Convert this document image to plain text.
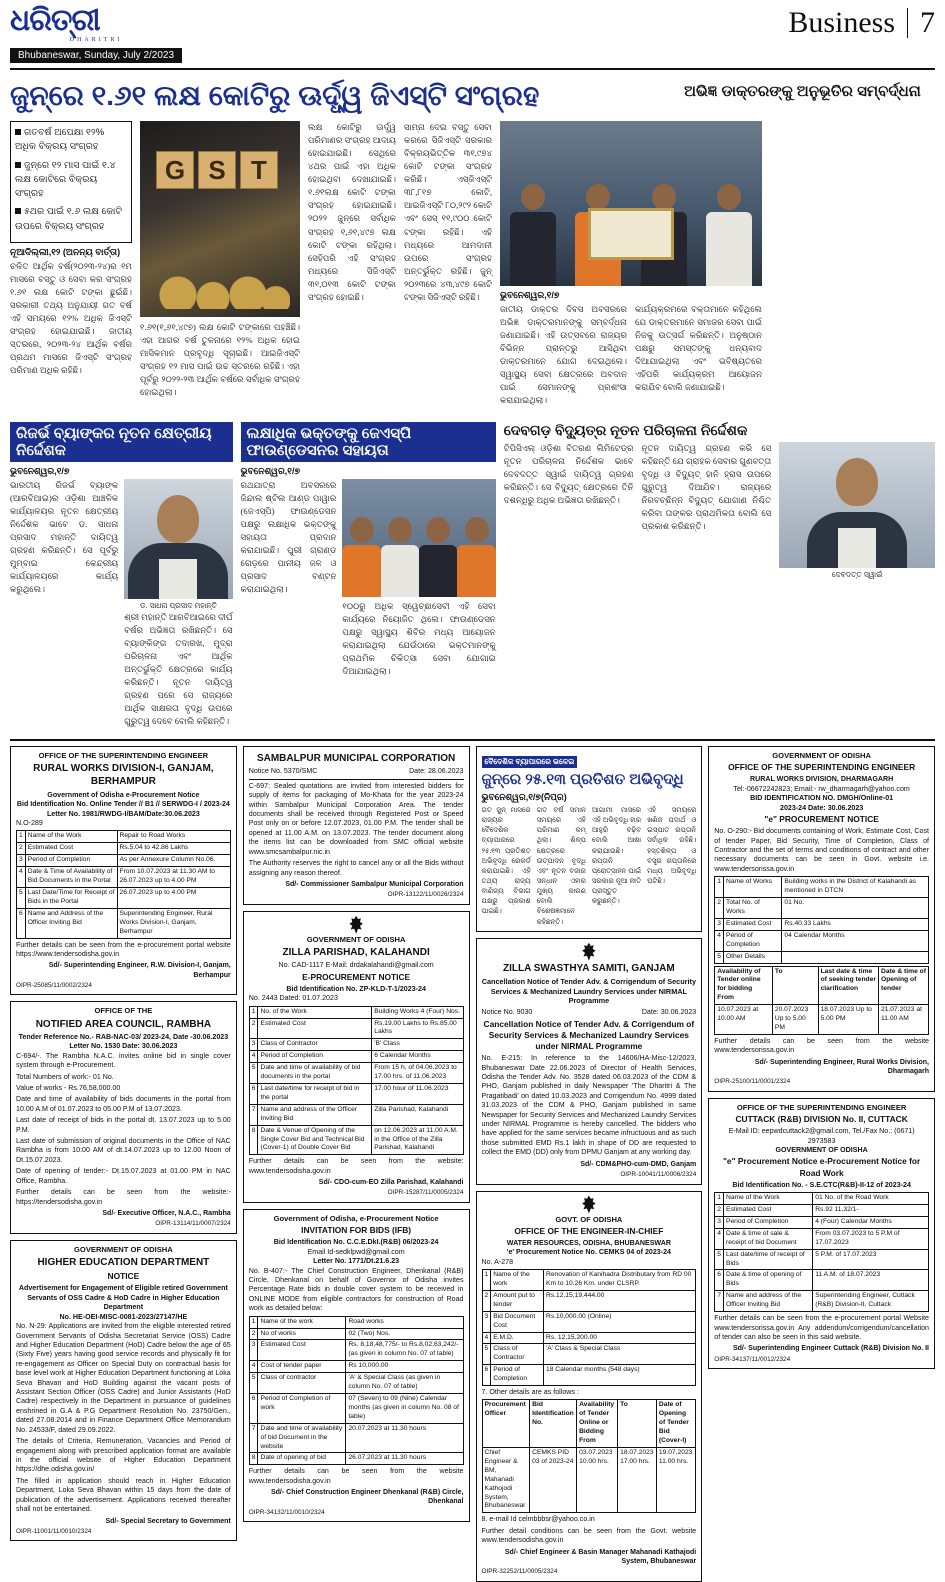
ଧରିତ୍ରୀ
DHARITRI
Bhubaneswar, Sunday, July 2/2023
Business 7
ଜୁନ୍‌ରେ ୧.୬୧ ଲକ୍ଷ କୋଟିରୁ ଊର୍ଦ୍ଧ୍ୱ ଜିଏସ୍‌ଟି ସଂଗ୍ରହ	ଅଭିଜ୍ଞ ଡାକ୍ତରଙ୍କୁ ଅନୁଭୂତିର ସମ୍ବର୍ଦ୍ଧନା
ଗତବର୍ଷ ଅପେକ୍ଷା ୧୨% ଅଧିକ ବିକ୍ରୟ ସଂଗ୍ରହ
ଜୁନ୍‌ରେ ୧୨ ମାସ ପାଇଁ ୧.୪ ଲକ୍ଷ କୋଟିରେ ବିକ୍ରୟ ସଂଗ୍ରହ
୫ଥର ପାଇଁ ୧.୬ ଲକ୍ଷ କୋଟି ଉପରେ ବିକ୍ରୟ ସଂଗ୍ରହ
ନୂଆଦିଲ୍ଲୀ,୧୨ (ଅନନ୍ୟ ବାର୍ତ୍ତା)

ଚଳିତ ଆର୍ଥିକ ବର୍ଷ(୨୦୨୩-୨୪)ର ୧ମ ମାସରେ ବସ୍ତୁ ଓ ସେବା କର ସଂଗ୍ରହ ୧.୬୧ ଲକ୍ଷ କୋଟି ଟଙ୍କା ଛୁଇଁଛି। ସରକାରୀ ତଥ୍ୟ ଅନୁଯାୟୀ ଗତ ବର୍ଷ ଏହି ସମୟରେ ୧୨% ଅଧିକ ଜିଏସ୍‌ଟି ସଂଗ୍ରହ ହୋଇଯାଇଛି। ଜାତୀୟ ସ୍ତରରେ, ୨୦୨୩-୨୪ ଆର୍ଥିକ ବର୍ଷର ପ୍ରଥମ ମାସରେ ଜିଏସ୍‌ଟି ସଂଗ୍ରହ ପରିମାଣ ଅଧିକ ରହିଛି।

G S T

୧.୬୧(୧,୬୧,୪୯୭) ଲକ୍ଷ କୋଟି ଟଙ୍କାରେ ପହଞ୍ଚିଛି। ଏହା ଆଗର ବର୍ଷ ତୁଳନାରେ ୧୨% ଅଧିକ ହୋଇ ମାସିକମାନ ପ୍ରବୃଦ୍ଧି ସୂଚାଇଛି। ଆଇଜିଏସ୍‌ଟି ସଂଗ୍ରହ ୧୨ ମାସ ପାଇଁ ଉଚ୍ଚ ସ୍ତରରେ ରହିଛି। ଏହା ପୂର୍ବରୁ ୨୦୨୨-୨୩ ଆର୍ଥିକ ବର୍ଷରେ ସର୍ବାଧିକ ସଂଗ୍ରହ ହୋଇଥିଲା।

ଲକ୍ଷ କୋଟିରୁ ଊର୍ଦ୍ଧ୍ୱ ପରିମାଣର ସଂଗ୍ରହ ଆଦାୟ ହୋଇଯାଇଛି। ସେଥିରେ ୪ଥର ପାଇଁ ଏହା ଅଧିକ ହୋଇଥିବା ଦେଖାଯାଇଛି। ୧.୬୧ଲକ୍ଷ କୋଟି ଟଙ୍କା ସଂଗ୍ରହ ହୋଇଯାଇଛି। ୨୦୨୨ ଜୁନ୍‌ରେ ସର୍ବାଧିକ ସଂଗ୍ରହ ୧,୬୧,୪୯୭ ଲକ୍ଷ କୋଟି ଟଙ୍କା ରହିଥିଲା। ସେହିପରି ଏହି ସଂଗ୍ରହ ମଧ୍ୟରେ ସିଜିଏସ୍‌ଟି ୩୧,୦୧୩ କୋଟି ଟଙ୍କା ସଂଗ୍ରହ ହୋଇଛି।

ସାମ୍ନା ଦେଇ ବସ୍ତୁ ସେବା କରରେ ସିଜିଏସ୍‌ଟି ସରକାର ବିକ୍ରୟଭିତ୍ତିକ ୩୧,୯୭୪ କୋଟି ଟଙ୍କା ସଂଗ୍ରହ କରିଛି। ଏସ୍‌ଜିଏସ୍‌ଟି ୩୮,୮୧୭ କୋଟି, ଆଇଜିଏସ୍‌ଟି ୮୦,୨୯୨ କୋଟି ଏବଂ ସେସ୍‌ ୧୧,୯୦୦ କୋଟି ଟଙ୍କା ରହିଛି। ଏହି ମଧ୍ୟରେ ଆମଦାନୀ ଉପରେ ସଂଗ୍ରହ ଅନ୍ତର୍ଭୁକ୍ତ ରହିଛି। ଜୁନ୍ ୨୦୨୩ରେ ୪୩,୪୯୭ କୋଟି ଟଙ୍କା ସିଜିଏସ୍‌ଟି ରହିଛି।	ଭୁବନେଶ୍ୱର,୧/୭

ଜାତୀୟ ଡାକ୍ତର ଦିବସ ଅବସରରେ ଅଭିଜ୍ଞ ଡାକ୍ତରମାନଙ୍କୁ ସମ୍ବର୍ଦ୍ଧନା ଜଣାଯାଇଛି। ଏହି ଉତ୍ସବରେ ରାଜ୍ୟର ବିଭିନ୍ନ ପ୍ରାନ୍ତରୁ ଆସିଥିବା ଡାକ୍ତରମାନେ ଯୋଗ ଦେଇଥିଲେ। ସ୍ୱାସ୍ଥ୍ୟ ସେବା କ୍ଷେତ୍ରରେ ଅବଦାନ ପାଇଁ ସେମାନଙ୍କୁ ପ୍ରଶଂସା କରାଯାଇଥିଲା।

କାର୍ଯ୍ୟକ୍ରମରେ ବକ୍ତାମାନେ କହିଥିଲେ ଯେ ଡାକ୍ତରମାନେ ସମାଜର ସେବା ପାଇଁ ନିଜକୁ ଉତ୍ସର୍ଗ କରିଛନ୍ତି। ଅନୁଷ୍ଠାନ ପକ୍ଷରୁ ସମସ୍ତଙ୍କୁ ଧନ୍ୟବାଦ ଦିଆଯାଇଥିଲା ଏବଂ ଭବିଷ୍ୟତରେ ଏହିପରି କାର୍ଯ୍ୟକ୍ରମ ଆୟୋଜନ କରାଯିବ ବୋଲି ଜଣାଯାଇଛି।

ରିଜର୍ଭ ବ୍ୟାଙ୍କର ନୂତନ କ୍ଷେତ୍ରୀୟ ନିର୍ଦ୍ଦେଶକ
ଭୁବନେଶ୍ୱର,୧/୭

ଭାରତୀୟ ରିଜର୍ଭ ବ୍ୟାଙ୍କ (ଆରବିଆଇ)ର ଓଡ଼ିଶା ଆଞ୍ଚଳିକ କାର୍ଯ୍ୟାଳୟର ନୂତନ କ୍ଷେତ୍ରୀୟ ନିର୍ଦ୍ଦେଶକ ଭାବେ ଡ. ସାଧନା ପ୍ରସାଦ ମହାନ୍ତି ଦାୟିତ୍ୱ ଗ୍ରହଣ କରିଛନ୍ତି। ସେ ପୂର୍ବରୁ ମୁମ୍ବାଇ କେନ୍ଦ୍ରୀୟ କାର୍ଯ୍ୟାଳୟରେ କାର୍ଯ୍ୟ କରୁଥିଲେ।

ଡ. ସାଧନା ପ୍ରସାଦ ମହାନ୍ତି

ଶ୍ରୀ ମହାନ୍ତି ଆରବିଆଇରେ ଦୀର୍ଘ ବର୍ଷର ଅଭିଜ୍ଞତା ରଖିଛନ୍ତି। ସେ ବ୍ୟାଙ୍କିଙ୍ଗ ତଦାରଖ, ମୁଦ୍ରା ପରିଚାଳନା ଏବଂ ଆର୍ଥିକ ଅନ୍ତର୍ଭୁକ୍ତି କ୍ଷେତ୍ରରେ କାର୍ଯ୍ୟ କରିଛନ୍ତି। ନୂତନ ଦାୟିତ୍ୱ ଗ୍ରହଣ ପରେ ସେ ରାଜ୍ୟରେ ଆର୍ଥିକ ସାକ୍ଷରତା ବୃଦ୍ଧି ଉପରେ ଗୁରୁତ୍ୱ ଦେବେ ବୋଲି କହିଛନ୍ତି।

ଲକ୍ଷାଧିକ ଭକ୍ତଙ୍କୁ ଜେଏସ୍‌ପି ଫାଉଣ୍ଡେସନର ସହାୟତା
ଭୁବନେଶ୍ୱର,୧/୭

ରଥଯାତ୍ରା ଅବସରରେ ଜିନ୍ଦାଲ ଷ୍ଟିଲ ଆଣ୍ଡ ପାୱାର (ଜେଏସ୍‌ପି) ଫାଉଣ୍ଡେସନ ପକ୍ଷରୁ ଲକ୍ଷାଧିକ ଭକ୍ତଙ୍କୁ ସହାୟତା ପ୍ରଦାନ କରାଯାଇଛି। ପୁରୀ ଗ୍ରାଣ୍ଡ ରୋଡ଼ରେ ପାନୀୟ ଜଳ ଓ ପ୍ରସାଦ ବଣ୍ଟନ କରାଯାଇଥିଲା।

୧୦୦ରୁ ଅଧିକ ସ୍ୱେଚ୍ଛାସେବୀ ଏହି ସେବା କାର୍ଯ୍ୟରେ ନିୟୋଜିତ ଥିଲେ। ଫାଉଣ୍ଡେସନ ପକ୍ଷରୁ ସ୍ୱାସ୍ଥ୍ୟ ଶିବିର ମଧ୍ୟ ଆୟୋଜନ କରାଯାଇଥିଲା ଯେଉଁଠାରେ ଭକ୍ତମାନଙ୍କୁ ପ୍ରାଥମିକ ଚିକିତ୍ସା ସେବା ଯୋଗାଇ ଦିଆଯାଇଥିଲା।

ଦେବଗଡ଼ ବିଦ୍ୟୁତ୍‌ର ନୂତନ ପରିଚାଳନା ନିର୍ଦ୍ଦେଶକ

ଟିପିସିଏଲ୍ ଓଡ଼ିଶା ବିତରଣ ଲିମିଟେଡ୍‌ର ନୂତନ ପରିଚାଳନା ନିର୍ଦ୍ଦେଶକ ଭାବେ ଦେବଦତ୍ତ ସ୍ୱାଇଁ ଦାୟିତ୍ୱ ଗ୍ରହଣ କରିଛନ୍ତି। ସେ ବିଦ୍ୟୁତ୍ କ୍ଷେତ୍ରରେ ତିନି ଦଶନ୍ଧିରୁ ଅଧିକ ଅଭିଜ୍ଞତା ରଖିଛନ୍ତି।

ନୂତନ ଦାୟିତ୍ୱ ଗ୍ରହଣ କରି ସେ କହିଛନ୍ତି ଯେ ଗ୍ରାହକ ସେବାର ଗୁଣବତ୍ତା ବୃଦ୍ଧି ଓ ବିଦ୍ୟୁତ୍ ହାନି ହ୍ରାସ ଉପରେ ଗୁରୁତ୍ୱ ଦିଆଯିବ। ରାଜ୍ୟରେ ନିରବଚ୍ଛିନ୍ନ ବିଦ୍ୟୁତ୍ ଯୋଗାଣ ନିଶ୍ଚିତ କରିବା ତାଙ୍କର ପ୍ରାଥମିକତା ବୋଲି ସେ ପ୍ରକାଶ କରିଛନ୍ତି।

ଦେବଦତ୍ତ ସ୍ୱାଇଁ
OFFICE OF THE SUPERINTENDING ENGINEER
RURAL WORKS DIVISION-I, GANJAM, BERHAMPUR
Government of Odisha e-Procurement Notice
Bid Identification No. Online Tender // B1 // SERWDG-I / 2023-24
Letter No. 1981/RWDG-I/BAM/Date:30.06.2023
N.O-289
1	Name of the Work	Repair to Road Works
2	Estimated Cost	Rs.5.04 to 42.86 Lakhs
3	Period of Completion	As per Annexure Column No.06.
4	Date & Time of Availability of Bid Documents in the Portal	From 10.07.2023 at 11.30 AM to 26.07.2023 up to 4.00 PM
5	Last Date/Time for Receipt of Bids in the Portal	26.07.2023 up to 4.00 PM
6	Name and Address of the Officer Inviting Bid	Superintending Engineer, Rural Works Division-I, Ganjam, Berhampur

Further details can be seen from the e-procurement portal website https://www.tendersodisha.gov.in

Sd/- Superintending Engineer, R.W. Division-I, Ganjam, Berhampur
OIPR-25085/11/0002/2324
OFFICE OF THE
NOTIFIED AREA COUNCIL, RAMBHA
Tender Reference No.- RAB-NAC-03/ 2023-24, Date -30.06.2023
Letter No. 1530 Date: 30.06.2023

C-694/-. The Rambha N.A.C. invites online bid in single cover system through e-Procurement.

Total Numbers of work:- 01 No.

Value of works - Rs.76,58,000.00

Date and time of availability of bids documents in the portal from 10.00 A.M of 01.07.2023 to 05.00 P.M of 13.07.2023.

Last date of receipt of bids in the portal dt. 13.07.2023 up to 5.00 P.M.

Last date of submission of original documents in the Office of NAC Rambha is from 10:00 AM of dt.14.07.2023 up to 12.00 Noon of Dt.15.07.2023.

Date of opening of tender:- Dt.15.07.2023 at 01.00 PM in NAC Office, Rambha.

Further details can be seen from the website:- https://tendersodisha.gov.in

Sd/- Executive Officer, N.A.C., Rambha
OIPR-13114/11/0007/2324
GOVERNMENT OF ODISHA
HIGHER EDUCATION DEPARTMENT
NOTICE
Advertisement for Engagement of Eligible retired Government Servants of OSS Cadre & HoD Cadre in Higher Education Department
No. HE-OEI-MISC-0081-2023/27147/HE

No. N-29: Applications are invited from the eligible interested retired Government Servants of Odisha Secretariat Service (OSS) Cadre and Higher Education Department (HoD) Cadre below the age of 65 (Sixty Five) years having good service records and physically fit for re-engagement as Officer on Special Duty on contractual basis for base level work at Higher Education Department functioning at Loka Seva Bhavan and HoD Building against the vacant posts of Assistant Section Officer (OSS Cadre) and Junior Assistants (HoD Cadre) respectively in the Department in pursuance of guidelines enshrined in G.A & P.G Department Resolution No. 23750/Gen., dated 27.08.2014 and in Finance Department Office Memorandum No. 24533/F, dated 29.09.2022.

The details of Criteria, Remuneration, Vacancies and Period of engagement along with prescribed application format are available in the official website of Higher Education Department https://dhe.odisha.gov.in/

The filled in application should reach in Higher Education Department, Loka Seva Bhavan within 15 days from the date of publication of the advertisement. Applications received thereafter shall not be entertained.

Sd/- Special Secretary to Government
OIPR-11001/11/0010/2324
SAMBALPUR MUNICIPAL CORPORATION
Notice No. 5370/SMC	Date: 28.06.2023

C-697: Sealed quotations are invited from interested bidders for supply of items for packaging of Mo-Khata for the year 2023-24 within Sambalpur Municipal Corporation Area. The tender documents shall be received through Registered Post or Speed Post only on or before 12.07.2023, 01.00 P.M. The tender shall be opened at 11.00 A.M. on 13.07.2023. The tender document along the items list can be downloaded from SMC official website www.smcsambalpur.nic.in

The Authority reserves the right to cancel any or all the Bids without assigning any reason thereof.

Sd/- Commissioner Sambalpur Municipal Corporation
OIPR-13122/11/0026/2324
GOVERNMENT OF ODISHA
ZILLA PARISHAD, KALAHANDI
No. CAD-1117 E-Mail: drdakalahandi@gmail.com
E-PROCUREMENT NOTICE
Bid Identification No. ZP-KLD-T-1/2023-24
No. 2443 Dated: 01.07.2023
1	No. of the Work	Building Works 4 (Four) Nos.
2	Estimated Cost	Rs.19.00 Lakhs to Rs.85.00 Lakhs
3	Class of Contractor	'B' Class
4	Period of Completion	6 Calendar Months
5	Date and time of availability of bid documents in the portal	From 15 h, of 04.06.2023 to 17.00 hrs. of 11.06.2023
6	Last date/time for receipt of bid in the portal	17.00 hour of 11.06.2023
7	Name and address of the Officer Inviting Bid	Zilla Parishad, Kalahandi
8	Date & Venue of Opening of the Single Cover Bid and Technical Bid (Cover-1) of Double Cover Bid	on 12.06.2023 at 11.00 A.M. in the Office of the Zilla Parishad, Kalahandi

Further details can be seen from the website: www.tendersodisha.gov.in

Sd/- CDO-cum-EO Zilla Parishad, Kalahandi
OIPR-15287/11/0005/2324
Government of Odisha, e-Procurement Notice
INVITATION FOR BIDS (IFB)
Bid Identification No. C.C.E.DkI.(R&B) 06/2023-24
Email Id-sedklpwd@gmail.com
Letter No. 1771/Dt.21.6.23

No. B-407:- The Chief Construction Engineer, Dhenkanal (R&B) Circle, Dhenkanal on behalf of Governor of Odisha invites Percentage Rate bids in double cover system to be received in ONLINE MODE from eligible contractors for construction of Road work as detailed below:

1	Name of the work	Road works
2	No of works	02 (Two) Nos.
3	Estimated Cost	Rs. 8,18,48,775/- to Rs.8,02,63,242/- (as given in column No. 07 of table)
4	Cost of tender paper	Rs 10,000.00
5	Class of contractor	'A' & Special Class (as given in column No. 07 of table)
6	Period of Completion of work	07 (Seven) to 09 (Nine) Calendar months (as given in column No. 08 of table)
7	Date and time of availability of bid Document in the website	20.07.2023 at 11.30 hours
8	Date of opening of bid	26.07.2023 at 11.30 hours

Further details can be seen from the website www.tendersodisha.gov.in

Sd/- Chief Construction Engineer Dhenkanal (R&B) Circle, Dhenkanal
OIPR-34132/11/0010/2324
ବୈଦେଶିକ ବ୍ୟାପାରରେ ଭଳେଇ
ଜୁନ୍‌ରେ ୨୫.୧୩ ପ୍ରତିଶତ ଅଭିବୃଦ୍ଧି
ଭୁବନେଶ୍ୱର,୧/୭(ନିପ୍ର)
ଗତ ଜୁନ୍ ମାସରେ ରାଜ୍ୟର ବୈଦେଶିକ ବ୍ୟାପାରରେ ୨୫.୧୩ ପ୍ରତିଶତ ଅଭିବୃଦ୍ଧି ରେକର୍ଡ କରାଯାଇଛି। ଏହି ତଥ୍ୟ ରାଜ୍ୟ ବାଣିଜ୍ୟ ବିଭାଗ ପକ୍ଷରୁ ପ୍ରକାଶ ପାଇଛି।
ଗତ ବର୍ଷ ସମାନ ସମୟରେ ଏହି ପରିମାଣ କମ୍ ଥିଲା। ଶିଳ୍ପ କ୍ଷେତ୍ରରେ ଉତ୍ପାଦନ ବୃଦ୍ଧି ଏବଂ ନୂତନ ବଜାର ସନ୍ଧାନ ଏହାର ମୁଖ୍ୟ କାରଣ ବୋଲି ବିଶେଷଜ୍ଞମାନେ କହିଛନ୍ତି।
ଆଗାମୀ ମାସରେ ଏହି ଅଭିବୃଦ୍ଧି ହାର ଆହୁରି ବଢ଼ିବ ବୋଲି ଆଶା କରାଯାଉଛି। ରପ୍ତାନି ପ୍ରୋତ୍ସାହନ ପାଇଁ ସରକାର ନୂଆ ନୀତି ପ୍ରସ୍ତୁତ କରୁଛନ୍ତି।
ଏହି ସମୟରେ ଖଣିଜ ପଦାର୍ଥ ଓ ଇସ୍ପାତ ରପ୍ତାନି ସର୍ବାଧିକ ରହିଛି। ହସ୍ତଶିଳ୍ପ ଓ ବସ୍ତ୍ର ରପ୍ତାନିରେ ମଧ୍ୟ ଅଭିବୃଦ୍ଧି ଘଟିଛି।
ZILLA SWASTHYA SAMITI, GANJAM
Cancellation Notice of Tender Adv. & Corrigendum of Security Services & Mechanized Laundry Services under NIRMAL Programme
Notice No. 9030	Date: 30.06.2023
Cancellation Notice of Tender Adv. & Corrigendum of Security Services & Mechanized Laundry Services under NIRMAL Programme

No. E-215: In reference to the 14606/HA-Misc-12/2023, Bhubaneswar Date 22.06.2023 of Director of Health Services, Odisha the Tender Adv. No. 3528 dated 06.03.2023 of the CDM & PHO, Ganjam published in daily Newspaper 'The Dharitri & The Pragatibadi' on dated 10.03.2023 and Corrigendum No. 4999 dated 31.03.2023 of the CDM & PHO, Ganjam published in same Newspaper for Security Services and Mechanized Laundry Services under NIRMAL Programme is hereby cancelled. The bidders who have applied for the same services became infructuous and as such those submitted EMD Rs.1 lakh in shape of DD are requested to collect the EMD (DD) only from DPMU Ganjam at any working day.

Sd/- CDM&PHO-cum-DMD, Ganjam
OIPR-10041/11/0006/2324
GOVT. OF ODISHA
OFFICE OF THE ENGINEER-IN-CHIEF
WATER RESOURCES, ODISHA, BHUBANESWAR
'e' Procurement Notice No. CEMKS 04 of 2023-24
No. A-278
1	Name of the work	Renovation of Kanihadra Distributary from RD 00 Km to 10.26 Km. under CLSRP.
2	Amount put to tender	Rs.12,15,19,444.00
3	Bid Document Cost	Rs.10,000.00 (Online)
4	E.M.D.	Rs. 12,15,200.00
5	Class of Contractor	'A' Class & Special Class
6	Period of Completion	18 Calendar months (548 days)

7. Other details are as follows :

Procurement Officer	Bid Identification No.	Availability of Tender Online or Bidding From	To	Date of Opening of Tender Bid (Cover-I)
Chief Engineer & BM, Mahanadi Kathojodi System, Bhubaneswar	CEMKS PID 03 of 2023-24	03.07.2023 10.00 hrs.	18.07.2023 17.00 hrs.	19.07.2023 11.00 hrs.

8. e-mail Id celmbbbsr@yahoo.co.in

Further detail conditions can be seen from the Govt. website www.tendersodisha.gov.in

Sd/- Chief Engineer & Basin Manager Mahanadi Kathajodi System, Bhubaneswar
OIPR-32252/11/0005/2324
GOVERNMENT OF ODISHA
OFFICE OF THE SUPERINTENDING ENGINEER
RURAL WORKS DIVISION, DHARMAGARH
Tel:-06672242823; Email:- rw_dharmagarh@yahoo.com
BID IDENTIFICATION NO. DMGH/Online-01
2023-24 Date: 30.06.2023
"e" PROCUREMENT NOTICE

No. O-290:- Bid documents containing of Work, Estimate Cost, Cost of tender Paper, Bid Security, Time of Completion, Class of Contractor and the set of terms and conditions of contract and other necessary documents can be seen in Govt. website i.e. www.tendersorissa.gov.in

1	Name of Works	Building works in the District of Kalahandi as mentioned in DTCN
2	Total No. of Works	01 No.
3	Estimated Cost	Rs.40.33 Lakhs
4	Period of Completion	04 Calendar Months
5	Other Details	
Availability of Tender online for bidding From	To	Last date & time of seeking tender clarification	Date & time of Opening of tender
10.07.2023 at 10.00 AM	20.07.2023 Up to 5.00 PM	18.07.2023 Up to 5.00 PM	21.07.2023 at 11.00 AM

Further details can be seen from the website www.tendersorissa.gov.in

Sd/- Superintending Engineer, Rural Works Division, Dharmagarh
OIPR-25100/11/0001/2324
OFFICE OF THE SUPERINTENDING ENGINEER
CUTTACK (R&B) DIVISION No. II, CUTTACK
E-Mail ID: eepwdcuttack2@gmail.com, Tel./Fax No.: (0671) 2973583
GOVERNMENT OF ODISHA
"e" Procurement Notice e-Procurement Notice for Road Work
Bid Identification No. - S.E.CTC(R&B)-II-12 of 2023-24
1	Name of the Work	01 No. of the Road Work
2	Estimated Cost	Rs.92 11,32/1-
3	Period of Completion	4 (Four) Calendar Months
4	Date & time of sale & receipt of bid Document	From 03.07.2023 to 5 P.M of 17.07.2023
5	Last date/time of receipt of Bids	5 P.M. of 17.07.2023
6	Date & time of opening of Bids	11 A.M. of 18.07.2023
7	Name and address of the Officer Inviting Bid	Superintending Engineer, Cuttack (R&B) Division-II, Cuttack

Further details can be seen from the e-procurement portal Website www.tendersorissa.gov.in Any addendum/corrigendum/cancellation of tender can also be seen in this said website.

Sd/- Superintending Engineer Cuttack (R&B) Division No. II
OIPR-34137/11/0012/2324
